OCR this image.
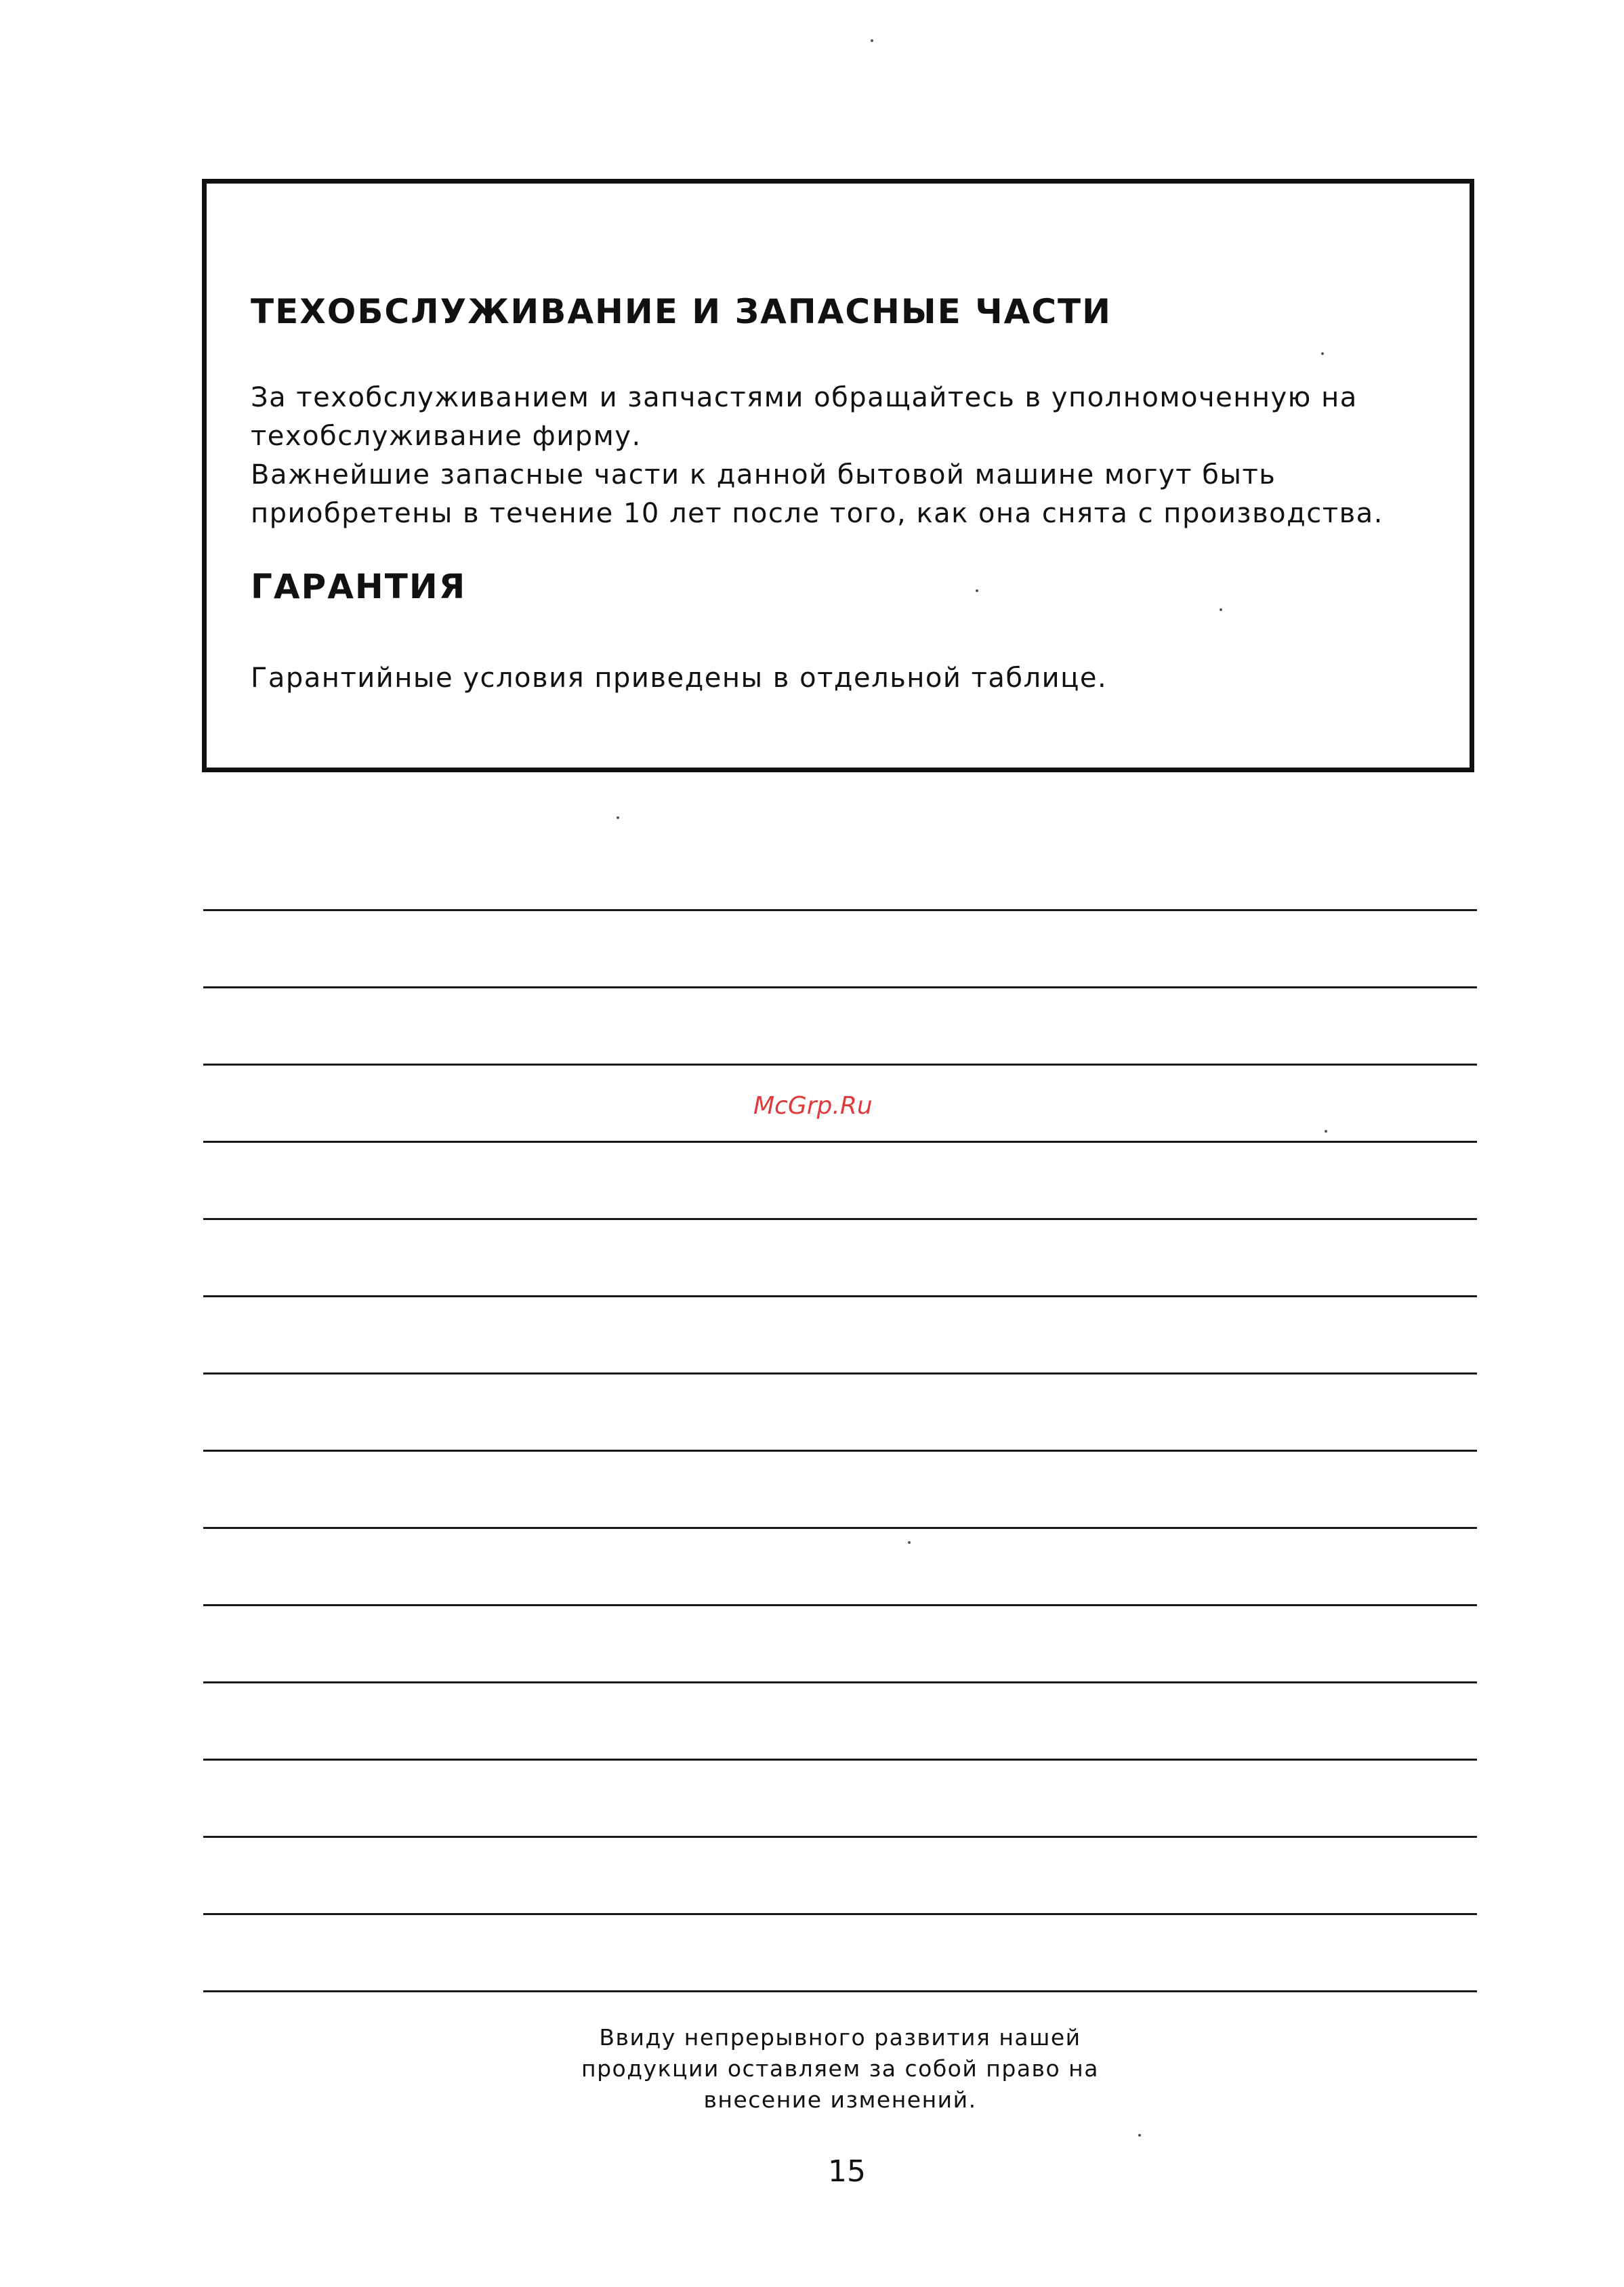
ТЕХОБСЛУЖИВАНИЕ И ЗАПАСНЫЕ ЧАСТИ
За техобслуживанием и запчастями обращайтесь в уполномоченную на
техобслуживание фирму.
Важнейшие запасные части к данной бытовой машине могут быть
приобретены в течение 10 лет после того, как она снята с производства.
ГАРАНТИЯ

Гарантийные условия приведены в отдельной таблице.

McGrp.Ru
Ввиду непрерывного развития нашей
продукции оставляем за собой право на
внесение изменений.
15
